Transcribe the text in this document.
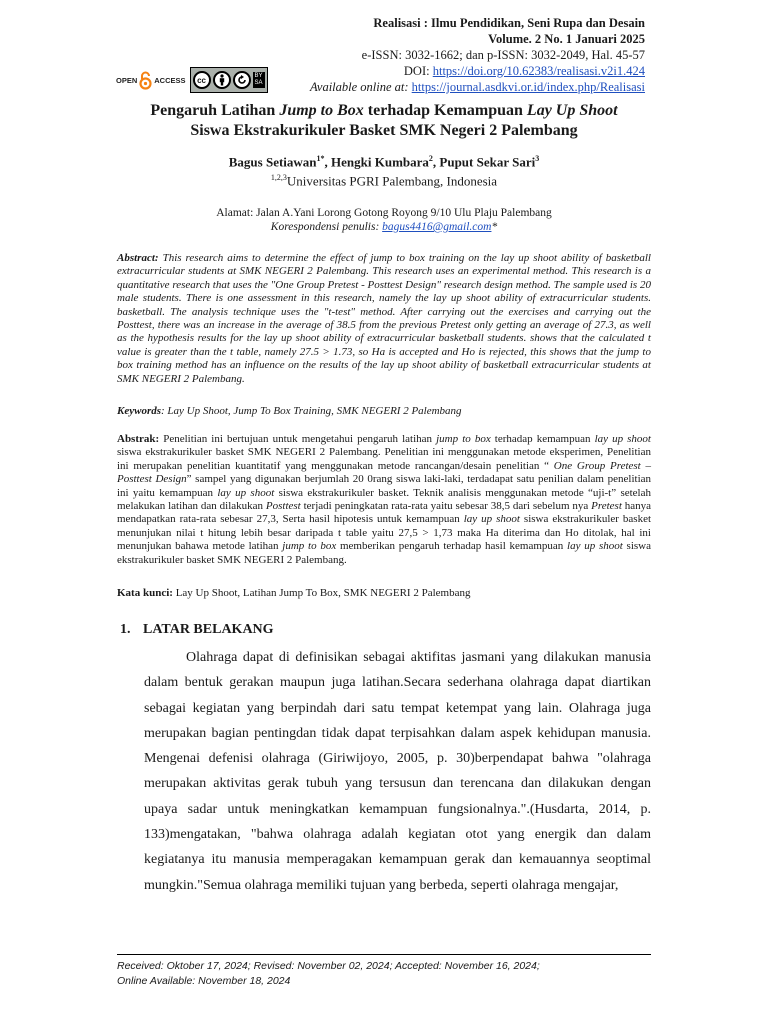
Realisasi : Ilmu Pendidikan, Seni Rupa dan Desain
Volume. 2 No. 1 Januari 2025
e-ISSN: 3032-1662; dan p-ISSN: 3032-2049, Hal. 45-57
DOI: https://doi.org/10.62383/realisasi.v2i1.424
Available online at: https://journal.asdkvi.or.id/index.php/Realisasi
OPEN ACCESS	cc	BY
SA
Pengaruh Latihan Jump to Box terhadap Kemampuan Lay Up Shoot
Siswa Ekstrakurikuler Basket SMK Negeri 2 Palembang
Bagus Setiawan$^{1*}$, Hengki Kumbara$^2$, Puput Sekar Sari$^3$
$^{1,2,3}$Universitas PGRI Palembang, Indonesia
Alamat: Jalan A.Yani Lorong Gotong Royong 9/10 Ulu Plaju Palembang
Korespondensi penulis: bagus4416@gmail.com*
Abstract: This research aims to determine the effect of jump to box training on the lay up shoot ability of basketball extracurricular students at SMK NEGERI 2 Palembang. This research uses an experimental method. This research is a quantitative research that uses the "One Group Pretest - Posttest Design" research design method. The sample used is 20 male students. There is one assessment in this research, namely the lay up shoot ability of extracurricular students. basketball. The analysis technique uses the "t-test" method. After carrying out the exercises and carrying out the Posttest, there was an increase in the average of 38.5 from the previous Pretest only getting an average of 27.3, as well as the hypothesis results for the lay up shoot ability of extracurricular basketball students. shows that the calculated t value is greater than the t table, namely 27.5 > 1.73, so Ha is accepted and Ho is rejected, this shows that the jump to box training method has an influence on the results of the lay up shoot ability of basketball extracurricular students at SMK NEGERI 2 Palembang.
Keywords: Lay Up Shoot, Jump To Box Training, SMK NEGERI 2 Palembang
Abstrak: Penelitian ini bertujuan untuk mengetahui pengaruh latihan jump to box terhadap kemampuan lay up shoot siswa ekstrakurikuler basket SMK NEGERI 2 Palembang. Penelitian ini menggunakan metode eksperimen, Penelitian ini merupakan penelitian kuantitatif yang menggunakan metode rancangan/desain penelitian “ One Group Pretest – Posttest Design” sampel yang digunakan berjumlah 20 0rang siswa laki-laki, terdadapat satu penilian dalam penelitian ini yaitu kemampuan lay up shoot siswa ekstrakurikuler basket. Teknik analisis menggunakan metode “uji-t” setelah melakukan latihan dan dilakukan Posttest terjadi peningkatan rata-rata yaitu sebesar 38,5 dari sebelum nya Pretest hanya mendapatkan rata-rata sebesar 27,3, Serta hasil hipotesis untuk kemampuan lay up shoot siswa ekstrakurikuler basket menunjukan nilai t hitung lebih besar daripada t table yaitu 27,5 > 1,73 maka Ha diterima dan Ho ditolak, hal ini menunjukan bahawa metode latihan jump to box memberikan pengaruh terhadap hasil kemampuan lay up shoot siswa ekstrakurikuler basket SMK NEGERI 2 Palembang.
Kata kunci: Lay Up Shoot, Latihan Jump To Box, SMK NEGERI 2 Palembang
1. LATAR BELAKANG
Olahraga dapat di definisikan sebagai aktifitas jasmani yang dilakukan manusia dalam bentuk gerakan maupun juga latihan.Secara sederhana olahraga dapat diartikan sebagai kegiatan yang berpindah dari satu tempat ketempat yang lain. Olahraga juga merupakan bagian pentingdan tidak dapat terpisahkan dalam aspek kehidupan manusia. Mengenai defenisi olahraga (Giriwijoyo, 2005, p. 30)berpendapat bahwa "olahraga merupakan aktivitas gerak tubuh yang tersusun dan terencana dan dilakukan dengan upaya sadar untuk meningkatkan kemampuan fungsionalnya.".(Husdarta, 2014, p. 133)mengatakan, "bahwa olahraga adalah kegiatan otot yang energik dan dalam kegiatanya itu manusia memperagakan kemampuan gerak dan kemauannya seoptimal mungkin."Semua olahraga memiliki tujuan yang berbeda, seperti olahraga mengajar,
Received: Oktober 17, 2024; Revised: November 02, 2024; Accepted: November 16, 2024;
Online Available: November 18, 2024
